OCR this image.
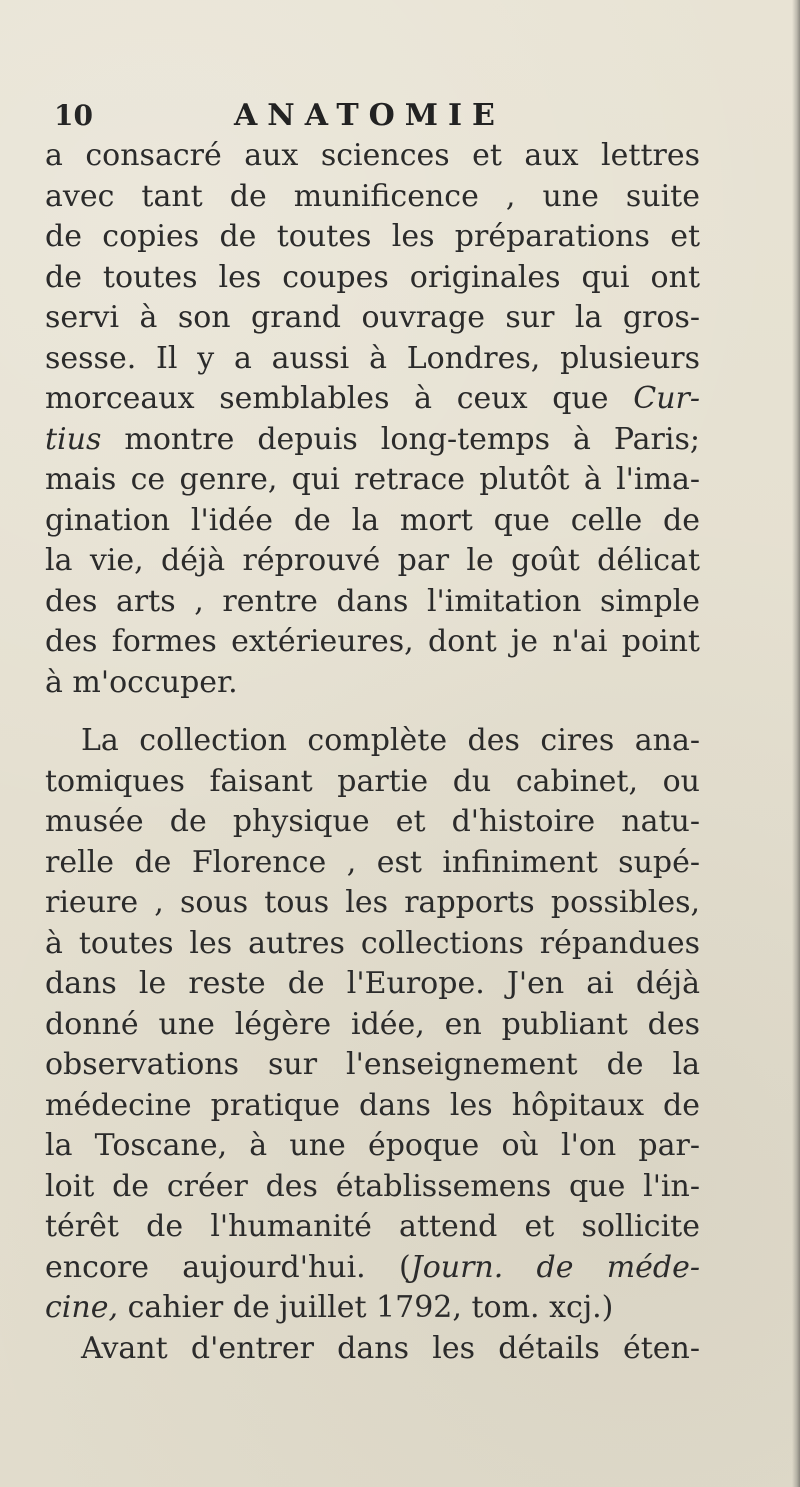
10	ANATOMIE
a consacré aux sciences et aux lettres
avec tant de munificence , une suite
de copies de toutes les préparations et
de toutes les coupes originales qui ont
servi à son grand ouvrage sur la gros-
sesse. Il y a aussi à Londres, plusieurs
morceaux semblables à ceux que Cur-
tius montre depuis long-temps à Paris;
mais ce genre, qui retrace plutôt à l'ima-
gination l'idée de la mort que celle de
la vie, déjà réprouvé par le goût délicat
des arts , rentre dans l'imitation simple
des formes extérieures, dont je n'ai point
à m'occuper.
La collection complète des cires ana-
tomiques faisant partie du cabinet, ou
musée de physique et d'histoire natu-
relle de Florence , est infiniment supé-
rieure , sous tous les rapports possibles,
à toutes les autres collections répandues
dans le reste de l'Europe. J'en ai déjà
donné une légère idée, en publiant des
observations sur l'enseignement de la
médecine pratique dans les hôpitaux de
la Toscane, à une époque où l'on par-
loit de créer des établissemens que l'in-
térêt de l'humanité attend et sollicite
encore aujourd'hui. (Journ. de méde-
cine, cahier de juillet 1792, tom. xcj.)
Avant d'entrer dans les détails éten-
